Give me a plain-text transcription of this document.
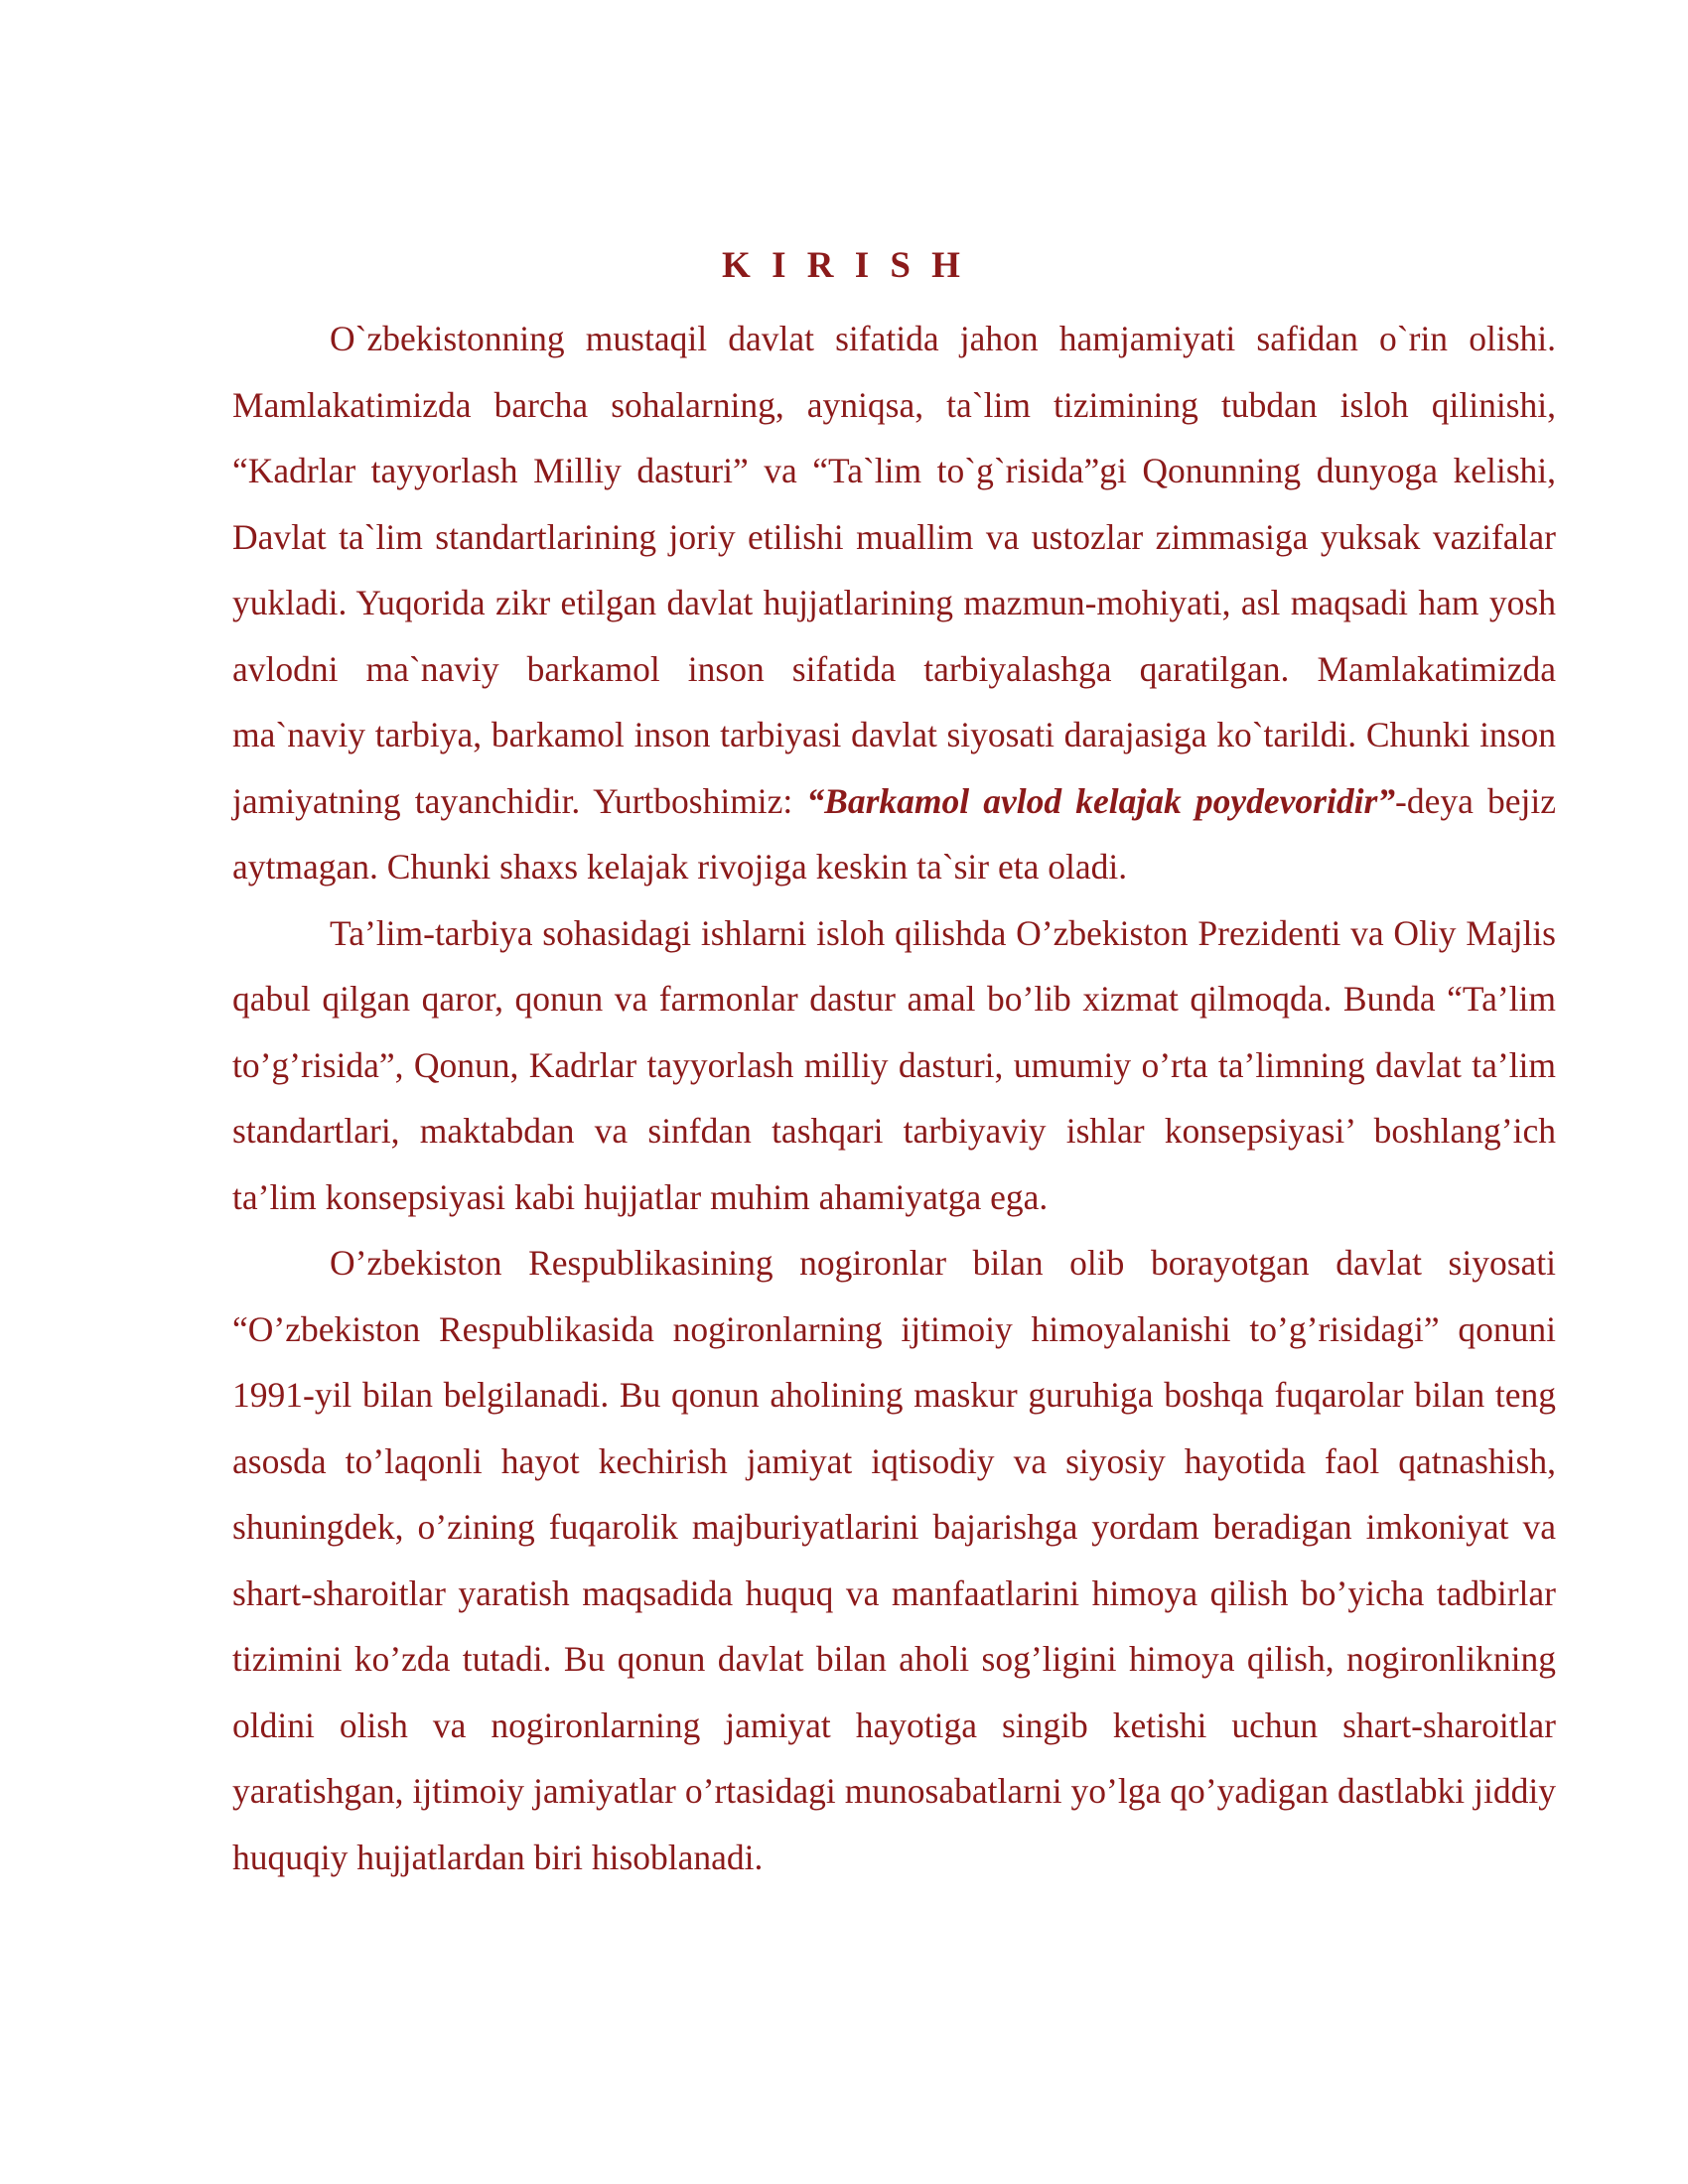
K I R I S H

O`zbekistonning mustaqil davlat sifatida jahon hamjamiyati safidan o`rin olishi. Mamlakatimizda barcha sohalarning, ayniqsa, ta`lim tizimining tubdan isloh qilinishi, “Kadrlar tayyorlash Milliy dasturi” va “Ta`lim to`g`risida”gi Qonunning dunyoga kelishi, Davlat ta`lim standartlarining joriy etilishi muallim va ustozlar zimmasiga yuksak vazifalar yukladi. Yuqorida zikr etilgan davlat hujjatlarining mazmun-mohiyati, asl maqsadi ham yosh avlodni ma`naviy barkamol inson sifatida tarbiyalashga qaratilgan. Mamlakatimizda ma`naviy tarbiya, barkamol inson tarbiyasi davlat siyosati darajasiga ko`tarildi. Chunki inson jamiyatning tayanchidir. Yurtboshimiz: “Barkamol avlod kelajak poydevoridir”-deya bejiz aytmagan. Chunki shaxs kelajak rivojiga keskin ta`sir eta oladi.

Ta’lim-tarbiya sohasidagi ishlarni isloh qilishda O’zbekiston Prezidenti va Oliy Majlis qabul qilgan qaror, qonun va farmonlar dastur amal bo’lib xizmat qilmoqda. Bunda “Ta’lim to’g’risida”, Qonun, Kadrlar tayyorlash milliy dasturi, umumiy o’rta ta’limning davlat ta’lim standartlari, maktabdan va sinfdan tashqari tarbiyaviy ishlar konsepsiyasi’ boshlang’ich ta’lim konsepsiyasi kabi hujjatlar muhim ahamiyatga ega.

O’zbekiston Respublikasining nogironlar bilan olib borayotgan davlat siyosati “O’zbekiston Respublikasida nogironlarning ijtimoiy himoyalanishi to’g’risidagi” qonuni 1991-yil bilan belgilanadi. Bu qonun aholining maskur guruhiga boshqa fuqarolar bilan teng asosda to’laqonli hayot kechirish jamiyat iqtisodiy va siyosiy hayotida faol qatnashish, shuningdek, o’zining fuqarolik majburiyatlarini bajarishga yordam beradigan imkoniyat va shart-sharoitlar yaratish maqsadida huquq va manfaatlarini himoya qilish bo’yicha tadbirlar tizimini ko’zda tutadi. Bu qonun davlat bilan aholi sog’ligini himoya qilish, nogironlikning oldini olish va nogironlarning jamiyat hayotiga singib ketishi uchun shart-sharoitlar yaratishgan, ijtimoiy jamiyatlar o’rtasidagi munosabatlarni yo’lga qo’yadigan dastlabki jiddiy huquqiy hujjatlardan biri hisoblanadi.
